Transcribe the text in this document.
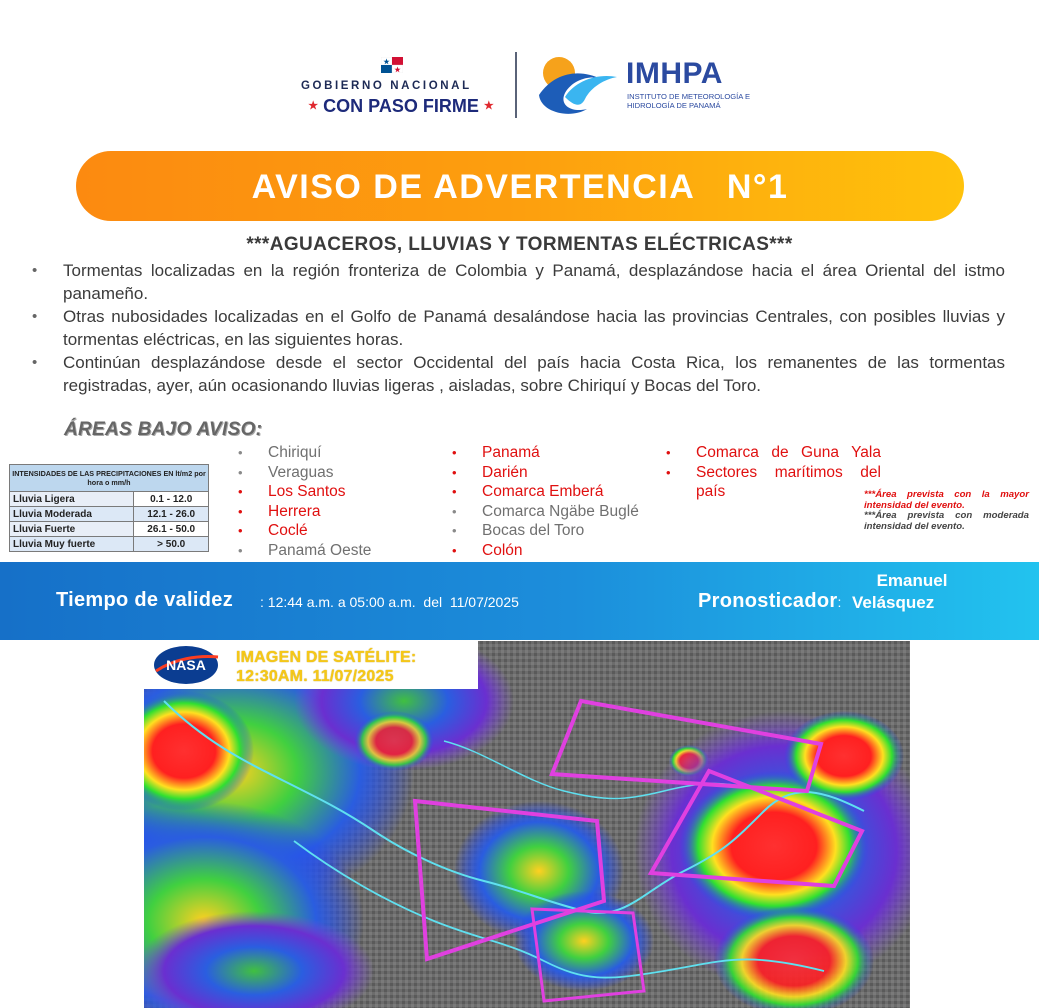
GOBIERNO NACIONAL
★ CON PASO FIRME ★
IMHPA
INSTITUTO DE METEOROLOGÍA E HIDROLOGÍA DE PANAMÁ
AVISO DE ADVERTENCIA   N°1
***AGUACEROS, LLUVIAS Y TORMENTAS ELÉCTRICAS***
• Tormentas localizadas en la región fronteriza de Colombia y Panamá, desplazándose hacia el área Oriental del istmo panameño.
• Otras nubosidades localizadas en el Golfo de Panamá desalándose hacia las provincias Centrales, con posibles lluvias y tormentas eléctricas, en las siguientes horas.
• Continúan desplazándose desde el sector Occidental del país hacia Costa Rica, los remanentes de las tormentas registradas, ayer, aún ocasionando lluvias ligeras , aisladas, sobre Chiriquí y Bocas del Toro.
ÁREAS BAJO AVISO:
• Chiriquí
• Veraguas
• Los Santos
• Herrera
• Coclé
• Panamá Oeste
• Panamá
• Darién
• Comarca Emberá
• Comarca Ngäbe Buglé
• Bocas del Toro
• Colón
• Comarca de Guna Yala
• Sectores marítimos del país
INTENSIDADES DE LAS PRECIPITACIONES EN lt/m2 por hora o mm/h	
Lluvia Ligera	0.1 - 12.0
Lluvia Moderada	12.1 - 26.0
Lluvia Fuerte	26.1 - 50.0
Lluvia Muy fuerte	> 50.0
***Área prevista con la mayor intensidad del evento.
***Área prevista con moderada intensidad del evento.
Tiempo de validez : 12:44 a.m. a 05:00 a.m.  del  11/07/2025	Pronosticador:
Emanuel
Velásquez
NASA IMAGEN DE SATÉLITE:
12:30AM. 11/07/2025
